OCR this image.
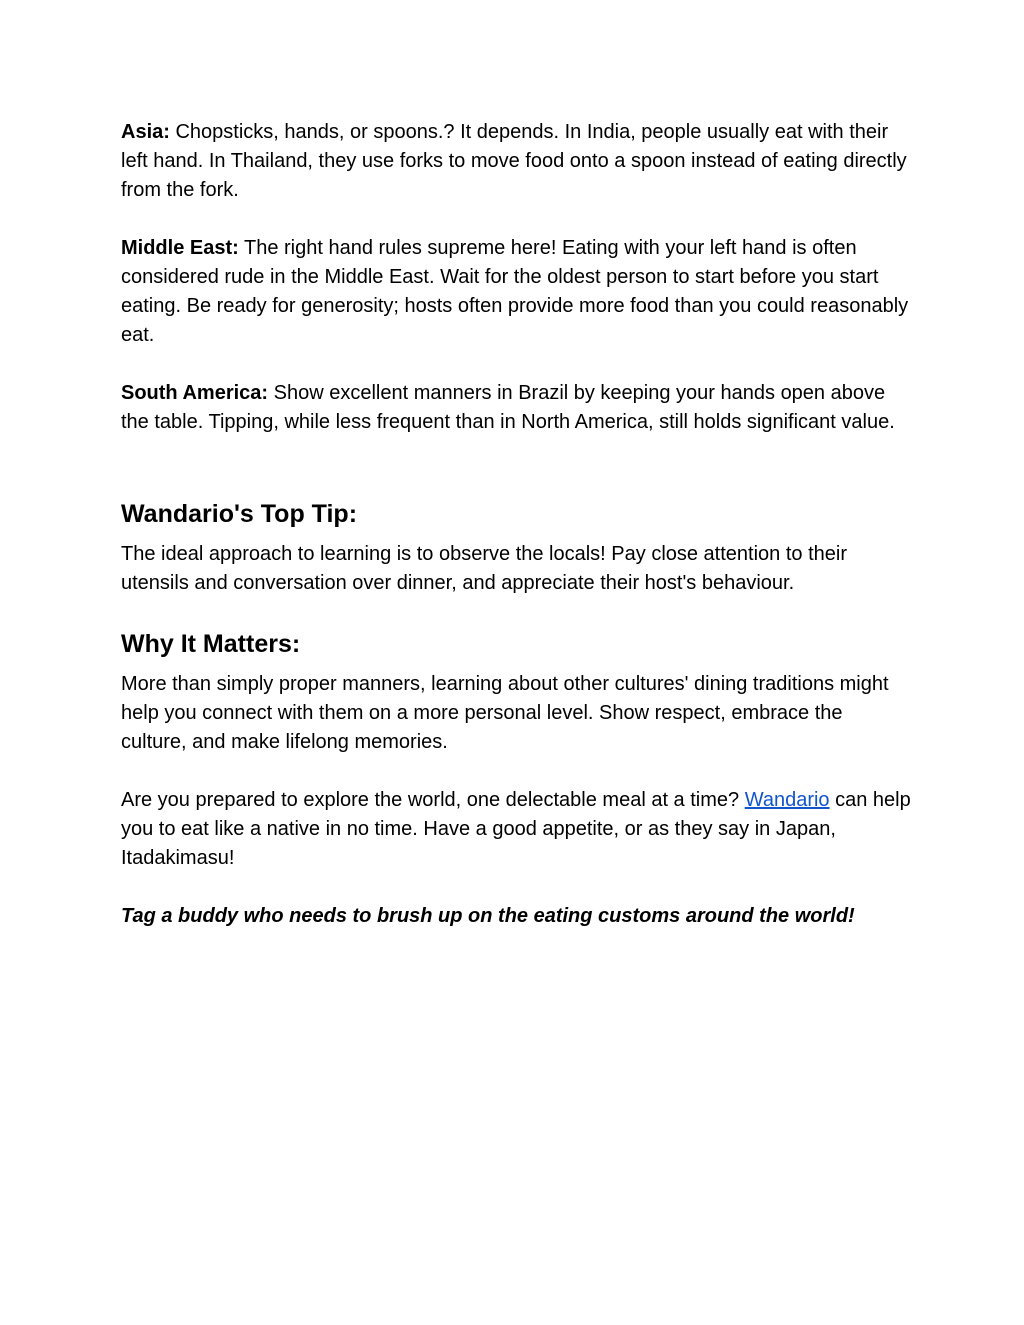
Asia: Chopsticks, hands, or spoons.? It depends. In India, people usually eat with their left hand. In Thailand, they use forks to move food onto a spoon instead of eating directly from the fork.

Middle East: The right hand rules supreme here! Eating with your left hand is often considered rude in the Middle East. Wait for the oldest person to start before you start eating. Be ready for generosity; hosts often provide more food than you could reasonably eat.

South America: Show excellent manners in Brazil by keeping your hands open above the table. Tipping, while less frequent than in North America, still holds significant value.

Wandario's Top Tip:

The ideal approach to learning is to observe the locals! Pay close attention to their utensils and conversation over dinner, and appreciate their host's behaviour.

Why It Matters:

More than simply proper manners, learning about other cultures' dining traditions might help you connect with them on a more personal level. Show respect, embrace the culture, and make lifelong memories.

Are you prepared to explore the world, one delectable meal at a time? Wandario can help you to eat like a native in no time. Have a good appetite, or as they say in Japan, Itadakimasu!

Tag a buddy who needs to brush up on the eating customs around the world!
